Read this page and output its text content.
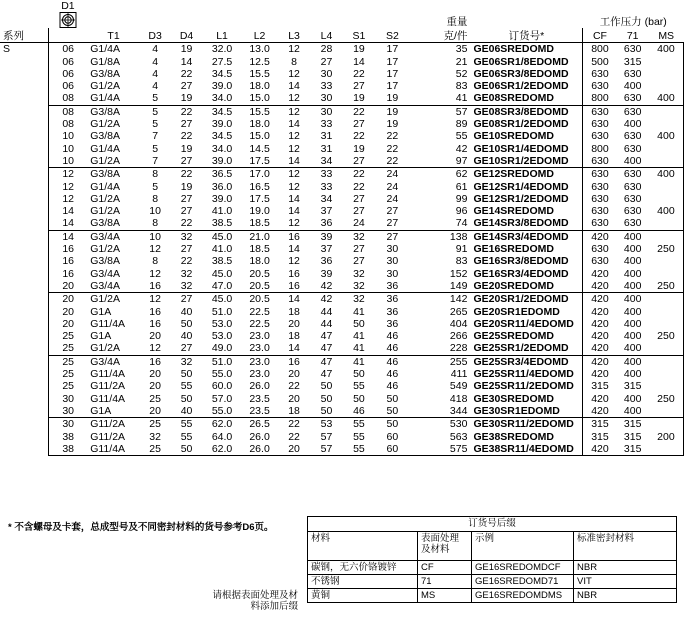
	D1										重量		工作压力 (bar)		
系列		T1	D3	D4	L1	L2	L3	L4	S1	S2	克/件	订货号*	CF	71	MS
S	06	G1/4A	4	19	32.0	13.0	12	28	19	17	35	GE06SREDOMD	800	630	400
	06	G1/8A	4	14	27.5	12.5	8	27	14	17	21	GE06SR1/8EDOMD	500	315	
	06	G3/8A	4	22	34.5	15.5	12	30	22	17	52	GE06SR3/8EDOMD	630	630	
	06	G1/2A	4	27	39.0	18.0	14	33	27	17	83	GE06SR1/2EDOMD	630	400	
	08	G1/4A	5	19	34.0	15.0	12	30	19	19	41	GE08SREDOMD	800	630	400
	08	G3/8A	5	22	34.5	15.5	12	30	22	19	57	GE08SR3/8EDOMD	630	630	
	08	G1/2A	5	27	39.0	18.0	14	33	27	19	89	GE08SR1/2EDOMD	630	400	
	10	G3/8A	7	22	34.5	15.0	12	31	22	22	55	GE10SREDOMD	630	630	400
	10	G1/4A	5	19	34.0	14.5	12	31	19	22	42	GE10SR1/4EDOMD	800	630	
	10	G1/2A	7	27	39.0	17.5	14	34	27	22	97	GE10SR1/2EDOMD	630	400	
	12	G3/8A	8	22	36.5	17.0	12	33	22	24	62	GE12SREDOMD	630	630	400
	12	G1/4A	5	19	36.0	16.5	12	33	22	24	61	GE12SR1/4EDOMD	630	630	
	12	G1/2A	8	27	39.0	17.5	14	34	27	24	99	GE12SR1/2EDOMD	630	630	
	14	G1/2A	10	27	41.0	19.0	14	37	27	27	96	GE14SREDOMD	630	630	400
	14	G3/8A	8	22	38.5	18.5	12	36	24	27	74	GE14SR3/8EDOMD	630	630	
	14	G3/4A	10	32	45.0	21.0	16	39	32	27	138	GE14SR3/4EDOMD	420	400	
	16	G1/2A	12	27	41.0	18.5	14	37	27	30	91	GE16SREDOMD	630	400	250
	16	G3/8A	8	22	38.5	18.0	12	36	27	30	83	GE16SR3/8EDOMD	630	400	
	16	G3/4A	12	32	45.0	20.5	16	39	32	30	152	GE16SR3/4EDOMD	420	400	
	20	G3/4A	16	32	47.0	20.5	16	42	32	36	149	GE20SREDOMD	420	400	250
	20	G1/2A	12	27	45.0	20.5	14	42	32	36	142	GE20SR1/2EDOMD	420	400	
	20	G1A	16	40	51.0	22.5	18	44	41	36	265	GE20SR1EDOMD	420	400	
	20	G11/4A	16	50	53.0	22.5	20	44	50	36	404	GE20SR11/4EDOMD	420	400	
	25	G1A	20	40	53.0	23.0	18	47	41	46	266	GE25SREDOMD	420	400	250
	25	G1/2A	12	27	49.0	23.0	14	47	41	46	228	GE25SR1/2EDOMD	420	400	
	25	G3/4A	16	32	51.0	23.0	16	47	41	46	255	GE25SR3/4EDOMD	420	400	
	25	G11/4A	20	50	55.0	23.0	20	47	50	46	411	GE25SR11/4EDOMD	420	400	
	25	G11/2A	20	55	60.0	26.0	22	50	55	46	549	GE25SR11/2EDOMD	315	315	
	30	G11/4A	25	50	57.0	23.5	20	50	50	50	418	GE30SREDOMD	420	400	250
	30	G1A	20	40	55.0	23.5	18	50	46	50	344	GE30SR1EDOMD	420	400	
	30	G11/2A	25	55	62.0	26.5	22	53	55	50	530	GE30SR11/2EDOMD	315	315	
	38	G11/2A	32	55	64.0	26.0	22	57	55	60	563	GE38SREDOMD	315	315	200
	38	G11/4A	25	50	62.0	26.0	20	57	55	60	575	GE38SR11/4EDOMD	420	315	
* 不含螺母及卡套，总成型号及不同密封材料的货号参考D6页。
请根据表面处理及材料添加后缀
订货号后缀			
材料	表面处理及材料	示例	标准密封材料
碳钢，无六价铬镀锌	CF	GE16SREDOMDCF	NBR
不锈钢	71	GE16SREDOMD71	VIT
黄铜	MS	GE16SREDOMDMS	NBR
